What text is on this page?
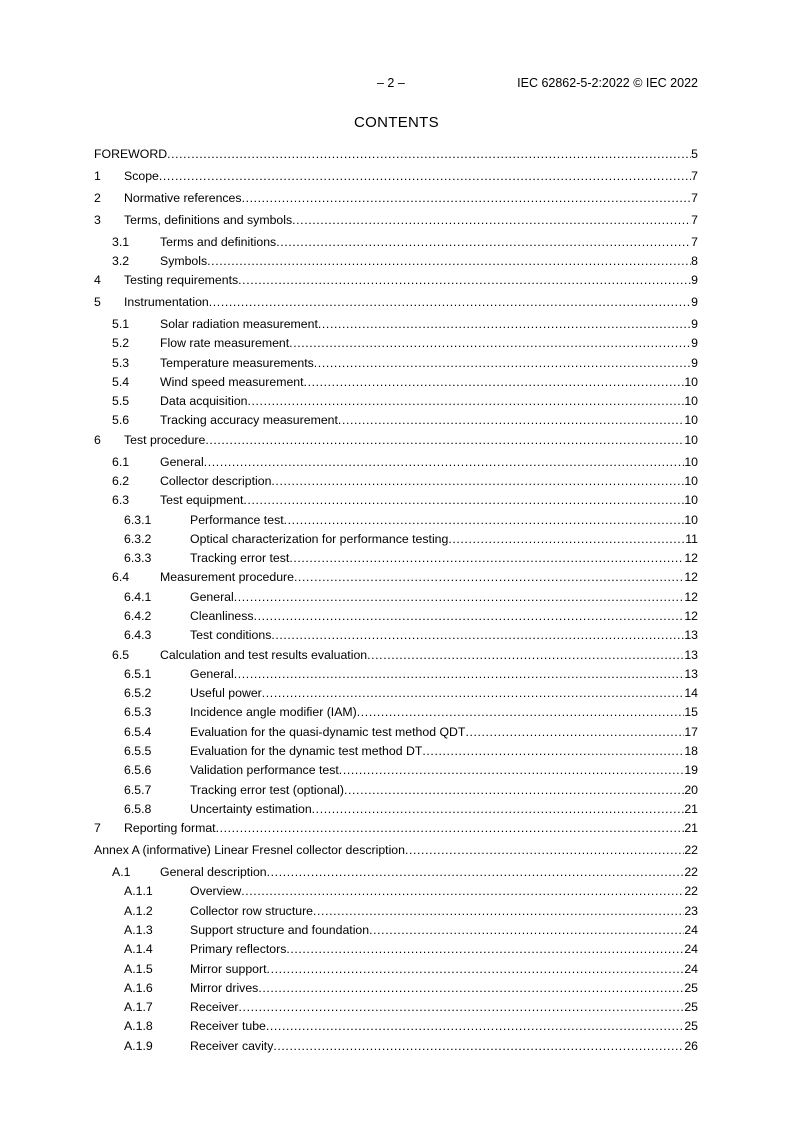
– 2 –	IEC 62862-5-2:2022 © IEC 2022
CONTENTS
FOREWORD .....	5
1 Scope .....	7
2 Normative references .....	7
3 Terms, definitions and symbols .....	7
3.1	Terms and definitions .....	7
3.2	Symbols .....	8
4 Testing requirements .....	9
5 Instrumentation .....	9
5.1	Solar radiation measurement .....	9
5.2	Flow rate measurement .....	9
5.3	Temperature measurements .....	9
5.4	Wind speed measurement .....	10
5.5	Data acquisition .....	10
5.6	Tracking accuracy measurement .....	10
6 Test procedure .....	10
6.1	General .....	10
6.2	Collector description .....	10
6.3	Test equipment .....	10
6.3.1	Performance test .....	10
6.3.2	Optical characterization for performance testing .....	11
6.3.3	Tracking error test .....	12
6.4	Measurement procedure .....	12
6.4.1	General .....	12
6.4.2	Cleanliness .....	12
6.4.3	Test conditions .....	13
6.5	Calculation and test results evaluation .....	13
6.5.1	General .....	13
6.5.2	Useful power .....	14
6.5.3	Incidence angle modifier (IAM) .....	15
6.5.4	Evaluation for the quasi-dynamic test method QDT .....	17
6.5.5	Evaluation for the dynamic test method DT .....	18
6.5.6	Validation performance test .....	19
6.5.7	Tracking error test (optional) .....	20
6.5.8	Uncertainty estimation .....	21
7 Reporting format .....	21
Annex A (informative) Linear Fresnel collector description .....	22
A.1 General description .....	22
A.1.1	Overview .....	22
A.1.2	Collector row structure .....	23
A.1.3	Support structure and foundation .....	24
A.1.4	Primary reflectors .....	24
A.1.5	Mirror support .....	24
A.1.6	Mirror drives .....	25
A.1.7	Receiver .....	25
A.1.8	Receiver tube .....	25
A.1.9	Receiver cavity .....	26
